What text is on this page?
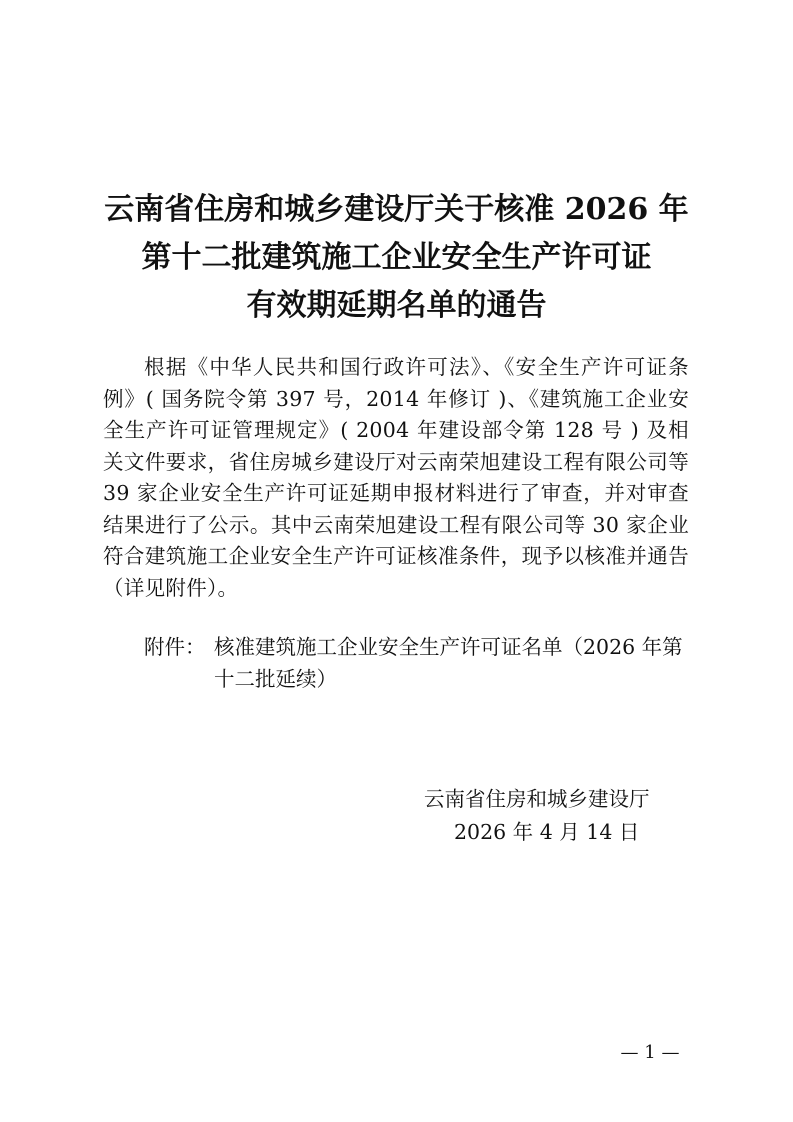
云南省住房和城乡建设厅关于核准 2026 年
第十二批建筑施工企业安全生产许可证
有效期延期名单的通告
根据《中华人民共和国行政许可法》、《安全生产许可证条例》( 国务院令第 397 号，2014 年修订 )、《建筑施工企业安全生产许可证管理规定》( 2004 年建设部令第 128 号 ) 及相关文件要求，省住房城乡建设厅对云南荣旭建设工程有限公司等 39 家企业安全生产许可证延期申报材料进行了审查，并对审查结果进行了公示。其中云南荣旭建设工程有限公司等 30 家企业符合建筑施工企业安全生产许可证核准条件，现予以核准并通告（详见附件）。
附件： 核准建筑施工企业安全生产许可证名单（2026 年第十二批延续）
云南省住房和城乡建设厅
2026 年 4 月 14 日
— 1 —
